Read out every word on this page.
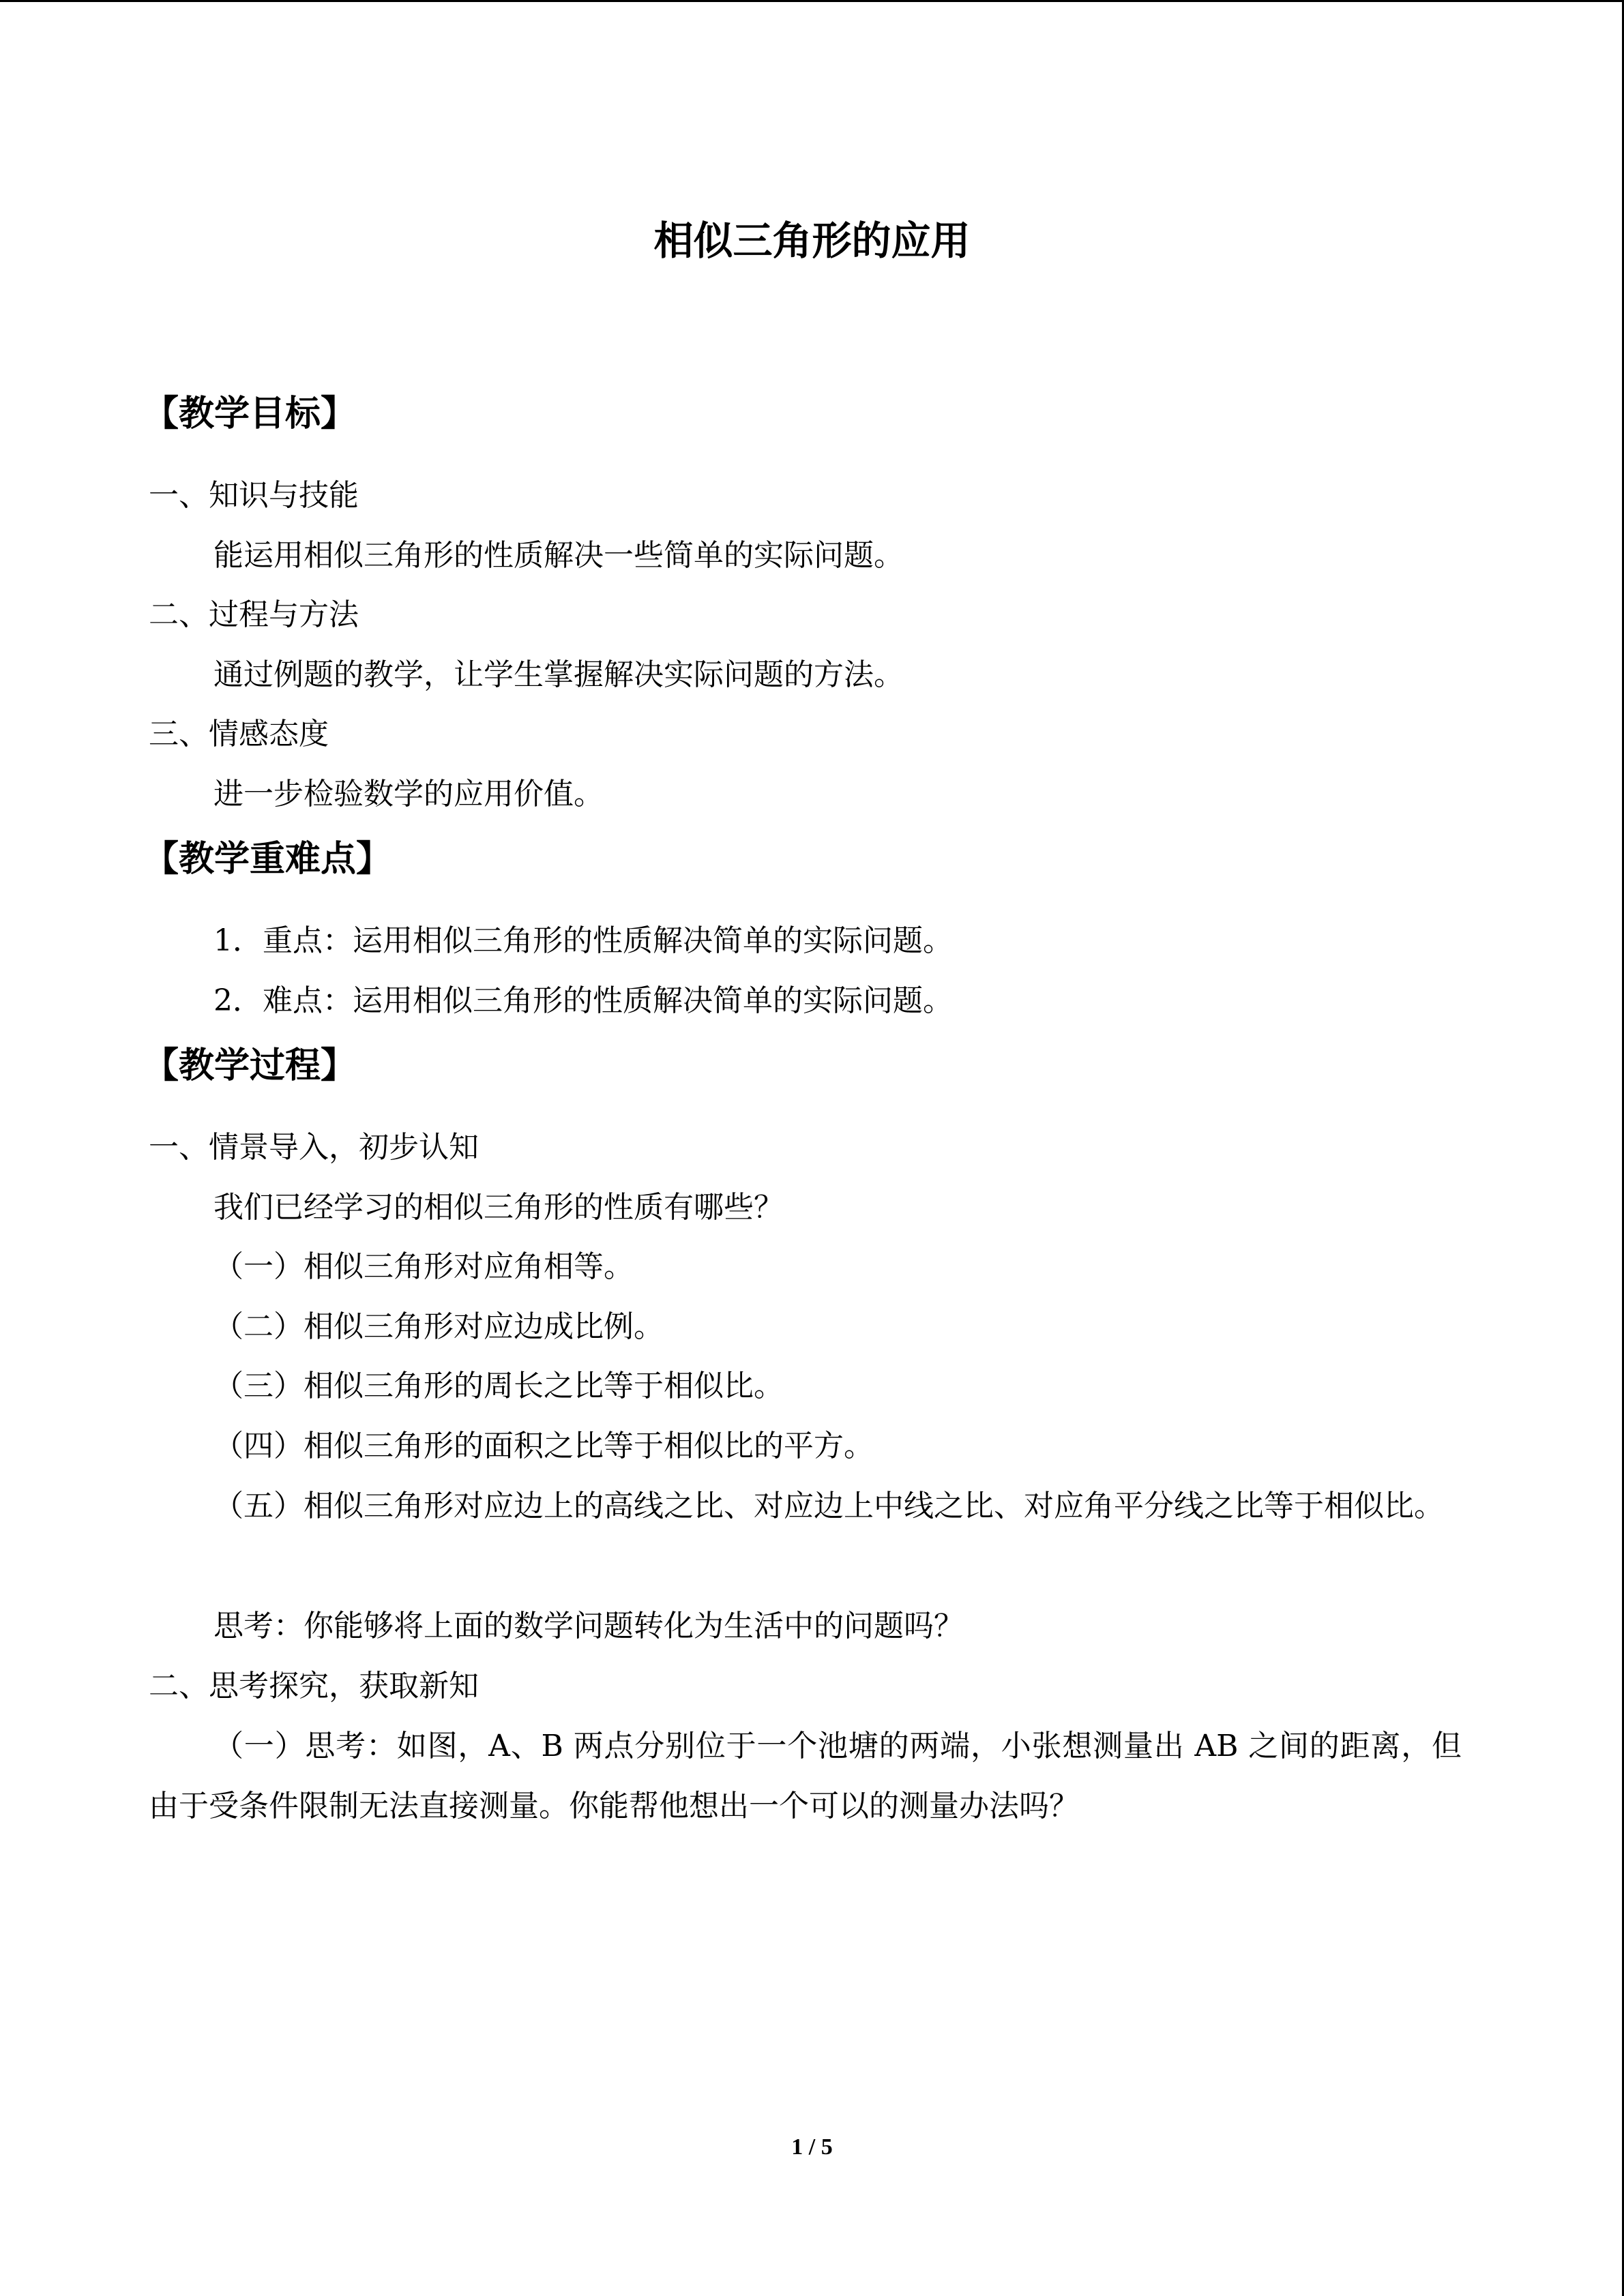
相似三角形的应用
【教学目标】
一、知识与技能
能运用相似三角形的性质解决一些简单的实际问题。
二、过程与方法
通过例题的教学，让学生掌握解决实际问题的方法。
三、情感态度
进一步检验数学的应用价值。
【教学重难点】
1．重点：运用相似三角形的性质解决简单的实际问题。
2．难点：运用相似三角形的性质解决简单的实际问题。
【教学过程】
一、情景导入，初步认知
我们已经学习的相似三角形的性质有哪些？
（一）相似三角形对应角相等。
（二）相似三角形对应边成比例。
（三）相似三角形的周长之比等于相似比。
（四）相似三角形的面积之比等于相似比的平方。
（五）相似三角形对应边上的高线之比、对应边上中线之比、对应角平分线之比等于相似比。
思考：你能够将上面的数学问题转化为生活中的问题吗？
二、思考探究，获取新知
（一）思考：如图，A、B 两点分别位于一个池塘的两端，小张想测量出 AB 之间的距离，但由于受条件限制无法直接测量。你能帮他想出一个可以的测量办法吗？
1 / 5
